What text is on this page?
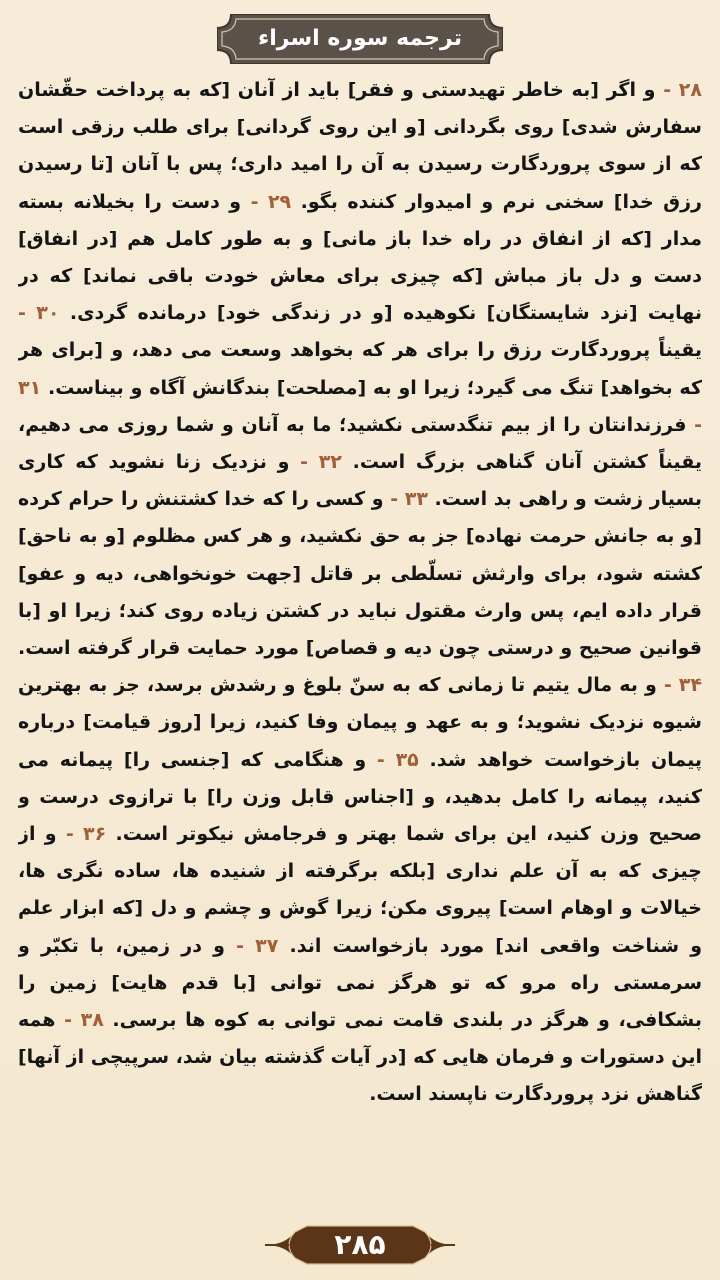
ترجمه سوره اسراء
۲۸ - و اگر [به خاطر تهیدستی و فقر] باید از آنان [که به پرداخت حقّشان سفارش شدی] روی بگردانی [و این روی گردانی] برای طلب رزقی است که از سوی پروردگارت رسیدن به آن را امید داری؛ پس با آنان [تا رسیدن رزق خدا] سخنی نرم و امیدوار کننده بگو. ۲۹ - و دست را بخیلانه بسته مدار [که از انفاق در راه خدا باز مانی] و به طور کامل هم [در انفاق] دست و دل باز مباش [که چیزی برای معاش خودت باقی نماند] که در نهایت [نزد شایستگان] نکوهیده [و در زندگی خود] درمانده گردی. ۳۰ - یقیناً پروردگارت رزق را برای هر که بخواهد وسعت می دهد، و [برای هر که بخواهد] تنگ می گیرد؛ زیرا او به [مصلحت] بندگانش آگاه و بیناست. ۳۱ - فرزندانتان را از بیم تنگدستی نکشید؛ ما به آنان و شما روزی می دهیم، یقیناً کشتن آنان گناهی بزرگ است. ۳۲ - و نزدیک زنا نشوید که کاری بسیار زشت و راهی بد است. ۳۳ - و کسی را که خدا کشتنش را حرام کرده [و به جانش حرمت نهاده] جز به حق نکشید، و هر کس مظلوم [و به ناحق] کشته شود، برای وارثش تسلّطی بر قاتل [جهت خونخواهی، دیه و عفو] قرار داده ایم، پس وارث مقتول نباید در کشتن زیاده روی کند؛ زیرا او [با قوانین صحیح و درستی چون دیه و قصاص] مورد حمایت قرار گرفته است. ۳۴ - و به مال یتیم تا زمانی که به سنّ بلوغ و رشدش برسد، جز به بهترین شیوه نزدیک نشوید؛ و به عهد و پیمان وفا کنید، زیرا [روز قیامت] درباره پیمان بازخواست خواهد شد. ۳۵ - و هنگامی که [جنسی را] پیمانه می کنید، پیمانه را کامل بدهید، و [اجناس قابل وزن را] با ترازوی درست و صحیح وزن کنید، این برای شما بهتر و فرجامش نیکوتر است. ۳۶ - و از چیزی که به آن علم نداری [بلکه برگرفته از شنیده ها، ساده نگری ها، خیالات و اوهام است] پیروی مکن؛ زیرا گوش و چشم و دل [که ابزار علم و شناخت واقعی اند] مورد بازخواست اند. ۳۷ - و در زمین، با تکبّر و سرمستی راه مرو که تو هرگز نمی توانی [با قدم هایت] زمین را بشکافی، و هرگز در بلندی قامت نمی توانی به کوه ها برسی. ۳۸ - همه این دستورات و فرمان هایی که [در آیات گذشته بیان شد، سرپیچی از آنها] گناهش نزد پروردگارت ناپسند است.
۲۸۵
